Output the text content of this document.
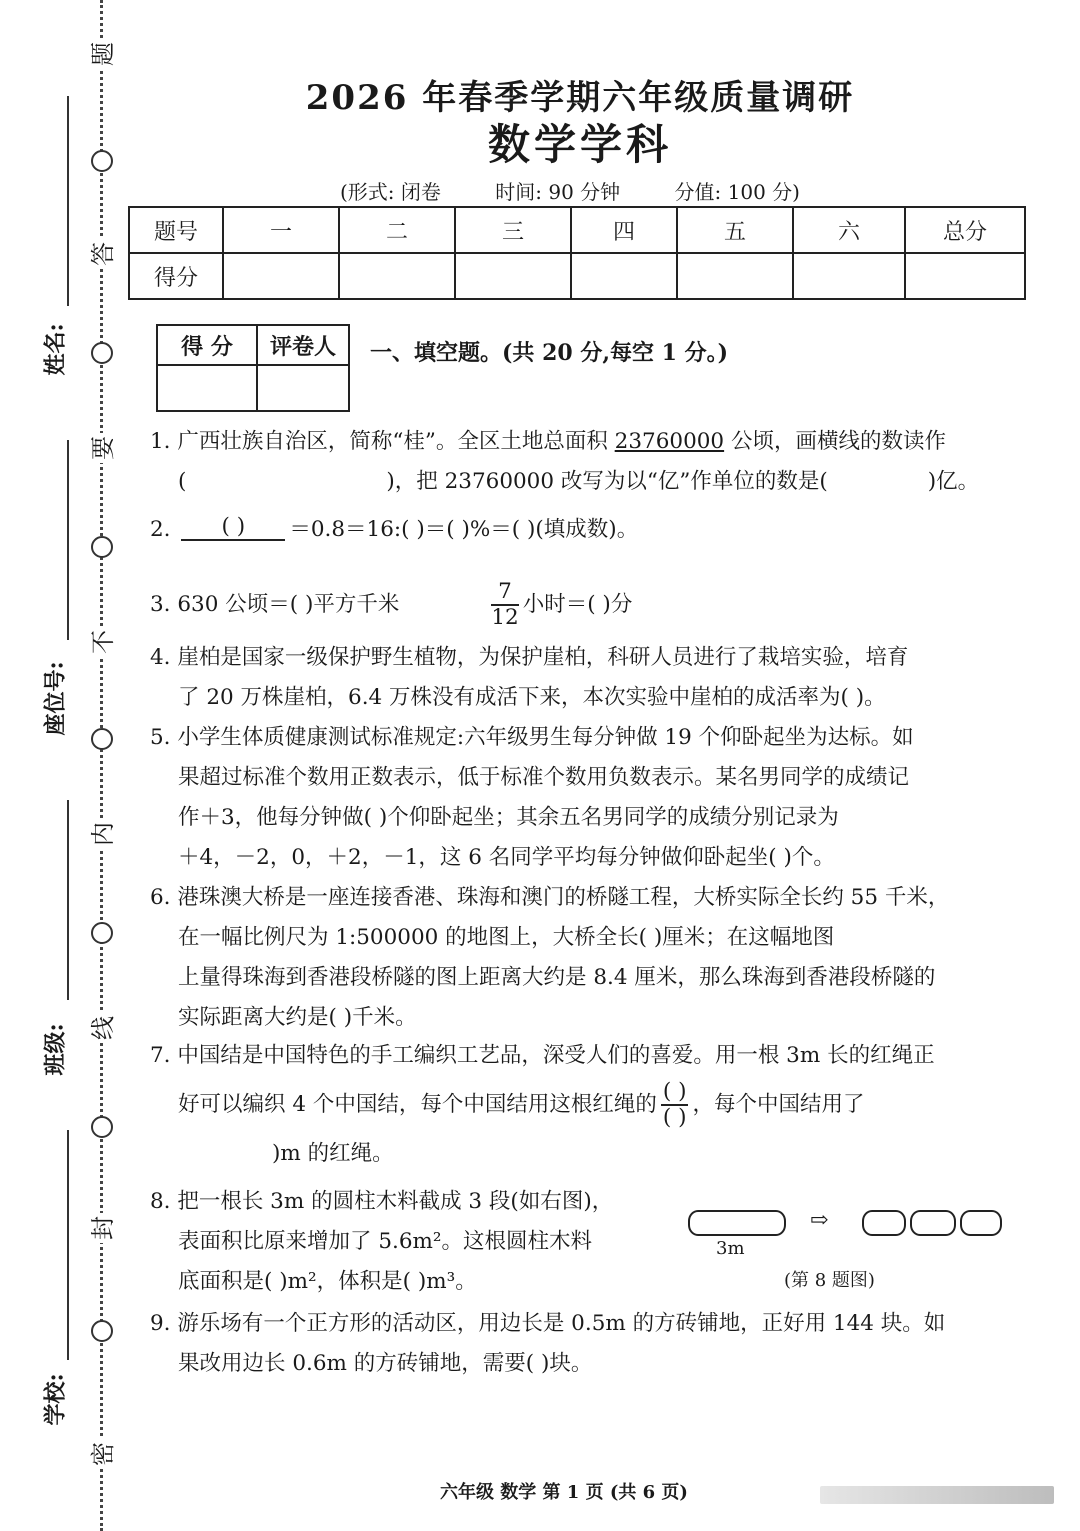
题
答
要
不
内
线
封
密
姓名:
座位号:
班级:
学校:
2026 年春季学期六年级质量调研
数学学科
(形式: 闭卷	时间: 90 分钟	分值: 100 分)
题号	一	二	三	四	五	六	总分
得分							
得 分	评卷人
	一、填空题。(共 20 分,每空 1 分。)
1. 广西壮族自治区，简称“桂”。全区土地总面积 23760000 公顷，画横线的数读作
(	)，把 23760000 改写为以“亿”作单位的数是(	)亿。
2.	( )	＝0.8＝16:( )＝( )%＝( )(填成数)。
3. 630 公顷＝( )平方千米	$\frac{7}{12}$ 小时＝( )分
4. 崖柏是国家一级保护野生植物，为保护崖柏，科研人员进行了栽培实验，培育
了 20 万株崖柏，6.4 万株没有成活下来，本次实验中崖柏的成活率为( )。
5. 小学生体质健康测试标准规定:六年级男生每分钟做 19 个仰卧起坐为达标。如
果超过标准个数用正数表示，低于标准个数用负数表示。某名男同学的成绩记
作＋3，他每分钟做( )个仰卧起坐；其余五名男同学的成绩分别记录为
＋4，－2，0，＋2，－1，这 6 名同学平均每分钟做仰卧起坐( )个。
6. 港珠澳大桥是一座连接香港、珠海和澳门的桥隧工程，大桥实际全长约 55 千米，
在一幅比例尺为 1:500000 的地图上，大桥全长( )厘米；在这幅地图
上量得珠海到香港段桥隧的图上距离大约是 8.4 厘米，那么珠海到香港段桥隧的
实际距离大约是( )千米。
7. 中国结是中国特色的手工编织工艺品，深受人们的喜爱。用一根 3m 长的红绳正
好可以编织 4 个中国结，每个中国结用这根红绳的 $\frac{( )}{( )}$ ，每个中国结用了
)m 的红绳。
8. 把一根长 3m 的圆柱木料截成 3 段(如右图)，
表面积比原来增加了 5.6m²。这根圆柱木料
底面积是( )m²，体积是( )m³。
3m
⇨
(第 8 题图)
9. 游乐场有一个正方形的活动区，用边长是 0.5m 的方砖铺地，正好用 144 块。如
果改用边长 0.6m 的方砖铺地，需要( )块。
六年级 数学 第 1 页 (共 6 页)
